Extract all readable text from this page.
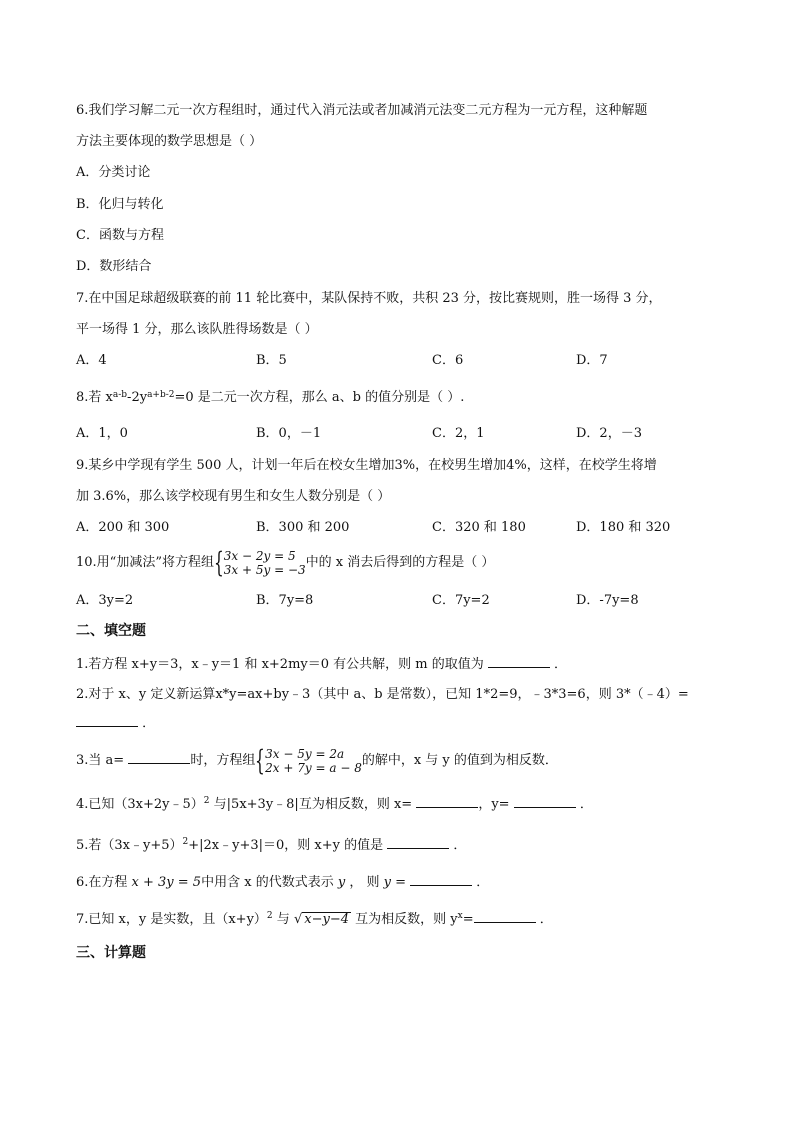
6.我们学习解二元一次方程组时，通过代入消元法或者加减消元法变二元方程为一元方程，这种解题
方法主要体现的数学思想是（ ）
A．分类讨论
B．化归与转化
C．函数与方程
D．数形结合
7.在中国足球超级联赛的前 11 轮比赛中，某队保持不败，共积 23 分，按比赛规则，胜一场得 3 分，
平一场得 1 分，那么该队胜得场数是（ ）
A．4	B．5	C．6	D．7
8.若 $x^{a-b}-2y^{a+b-2}=0$ 是二元一次方程，那么 a、b 的值分别是（ ）.
A．1，0	B．0，－1	C．2，1	D．2，－3
9.某乡中学现有学生 500 人，计划一年后在校女生增加3%，在校男生增加4%，这样，在校学生将增
加 3.6%，那么该学校现有男生和女生人数分别是（ ）
A．200 和 300	B．300 和 200	C．320 和 180	D．180 和 320
10.用“加减法”将方程组{ 3x − 2y = 5
3x + 5y = −3 中的 x 消去后得到的方程是（ ）
A．3y=2	B．7y=8	C．7y=2	D．-7y=8
二、填空题
1.若方程 x+y＝3，x﹣y＝1 和 x+2my＝0 有公共解，则 m 的取值为	．
2.对于 x、y 定义新运算x*y=ax+by﹣3（其中 a、b 是常数），已知 1*2=9，﹣3*3=6，则 3*（﹣4）=
．
3.当 a=	时，方程组{ 3x − 5y = 2a
2x + 7y = a − 8 的解中，x 与 y 的值到为相反数．
4.已知（3x+2y﹣5）$^2$ 与|5x+3y﹣8|互为相反数，则 x=	，y=	．
5.若（3x﹣y+5）$^2$+|2x﹣y+3|＝0，则 x+y 的值是	．
6.在方程 x + 3y = 5中用含 x 的代数式表示 y ， 则 y =	．
7.已知 x，y 是实数，且$(x+y)^2$ 与 √ x−y−4 互为相反数，则 $y^x=$	．
三、计算题
